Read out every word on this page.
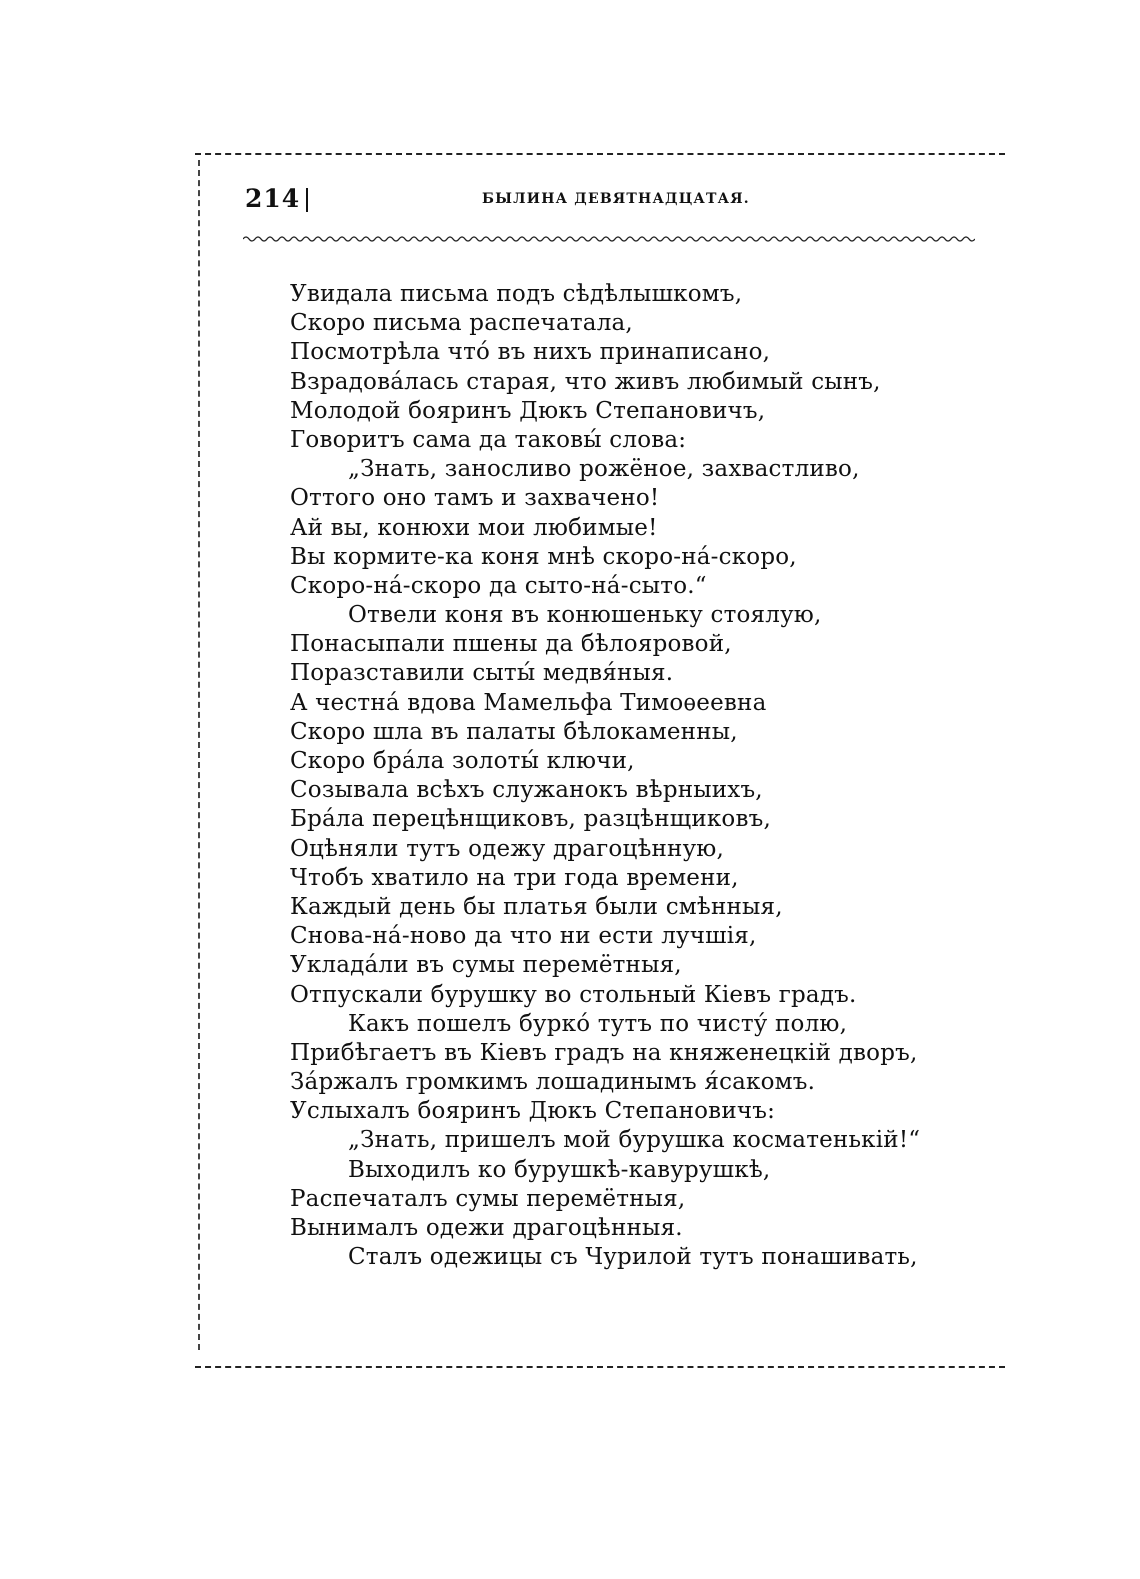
214	БЫЛИНА ДЕВЯТНАДЦАТАЯ.
Увидала письма подъ сѣдѣлышкомъ,
Скоро письма распечатала,
Посмотрѣла что́ въ нихъ принаписано,
Взрадова́лась старая, что живъ любимый сынъ,
Молодой бояринъ Дюкъ Степановичъ,
Говоритъ сама да таковы́ слова:
„Знать, заносливо рожёное, захвастливо,
Оттого оно тамъ и захвачено!
Ай вы, конюхи мои любимые!
Вы кормите-ка коня мнѣ скоро-на́-скоро,
Скоро-на́-скоро да сыто-на́-сыто.“
Отвели коня въ конюшеньку стоялую,
Понасыпали пшены да бѣлояровой,
Поразставили сыты́ медвя́ныя.
А честна́ вдова Мамельфа Тимоѳеевна
Скоро шла въ палаты бѣлокаменны,
Скоро бра́ла золоты́ ключи,
Созывала всѣхъ служанокъ вѣрныихъ,
Бра́ла перецѣнщиковъ, разцѣнщиковъ,
Оцѣняли тутъ одежу драгоцѣнную,
Чтобъ хватило на три года времени,
Каждый день бы платья были смѣнныя,
Снова-на́-ново да что ни ести лучшія,
Уклада́ли въ сумы перемётныя,
Отпускали бурушку во стольный Кіевъ градъ.
Какъ пошелъ бурко́ тутъ по чисту́ полю,
Прибѣгаетъ въ Кіевъ градъ на княженецкій дворъ,
За́ржалъ громкимъ лошадинымъ я́сакомъ.
Услыхалъ бояринъ Дюкъ Степановичъ:
„Знать, пришелъ мой бурушка косматенькій!“
Выходилъ ко бурушкѣ-кавурушкѣ,
Распечаталъ сумы перемётныя,
Вынималъ одежи драгоцѣнныя.
Сталъ одежицы съ Чурилой тутъ понашивать,
